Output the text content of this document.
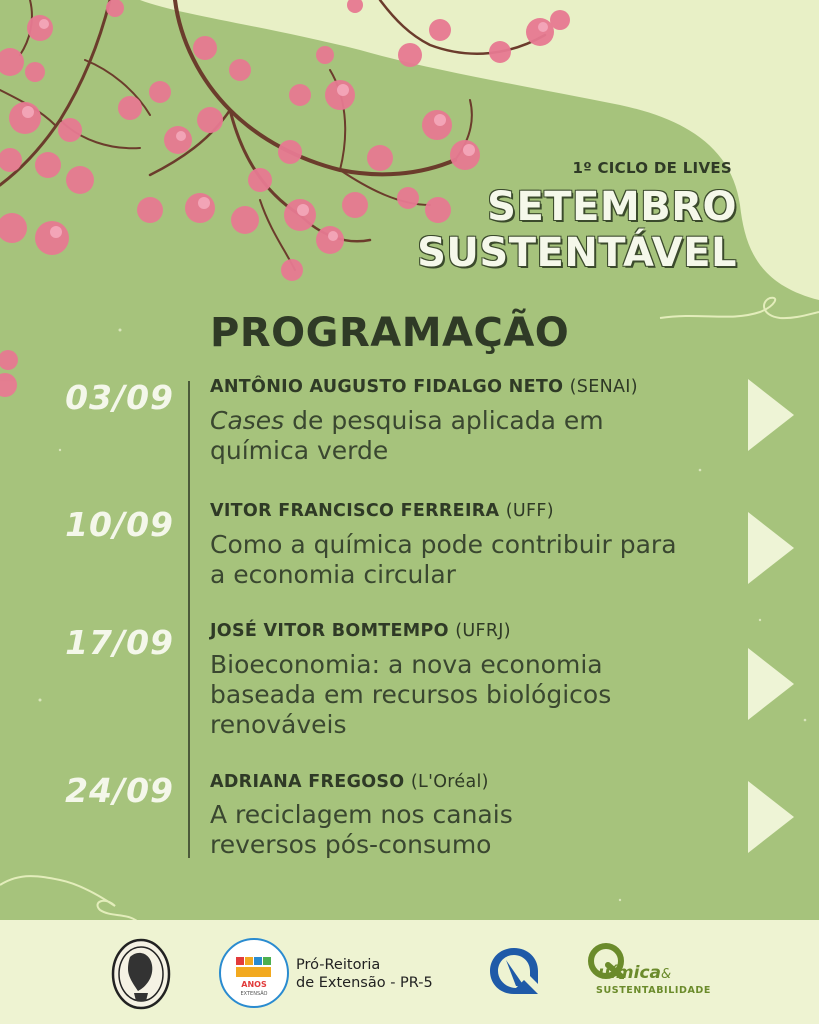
1º CICLO DE LIVES
SETEMBRO
SUSTENTÁVEL
PROGRAMAÇÃO
03/09 ANTÔNIO AUGUSTO FIDALGO NETO (SENAI)
Cases de pesquisa aplicada em química verde
10/09 VITOR FRANCISCO FERREIRA (UFF)
Como a química pode contribuir para a economia circular
17/09 JOSÉ VITOR BOMTEMPO (UFRJ)
Bioeconomia: a nova economia baseada em recursos biológicos renováveis
24/09 ADRIANA FREGOSO (L'Oréal)
A reciclagem nos canais reversos pós-consumo
ANOS
EXTENSÃO
Pró-Reitoria
de Extensão - PR-5	uímica&
SUSTENTABILIDADE
